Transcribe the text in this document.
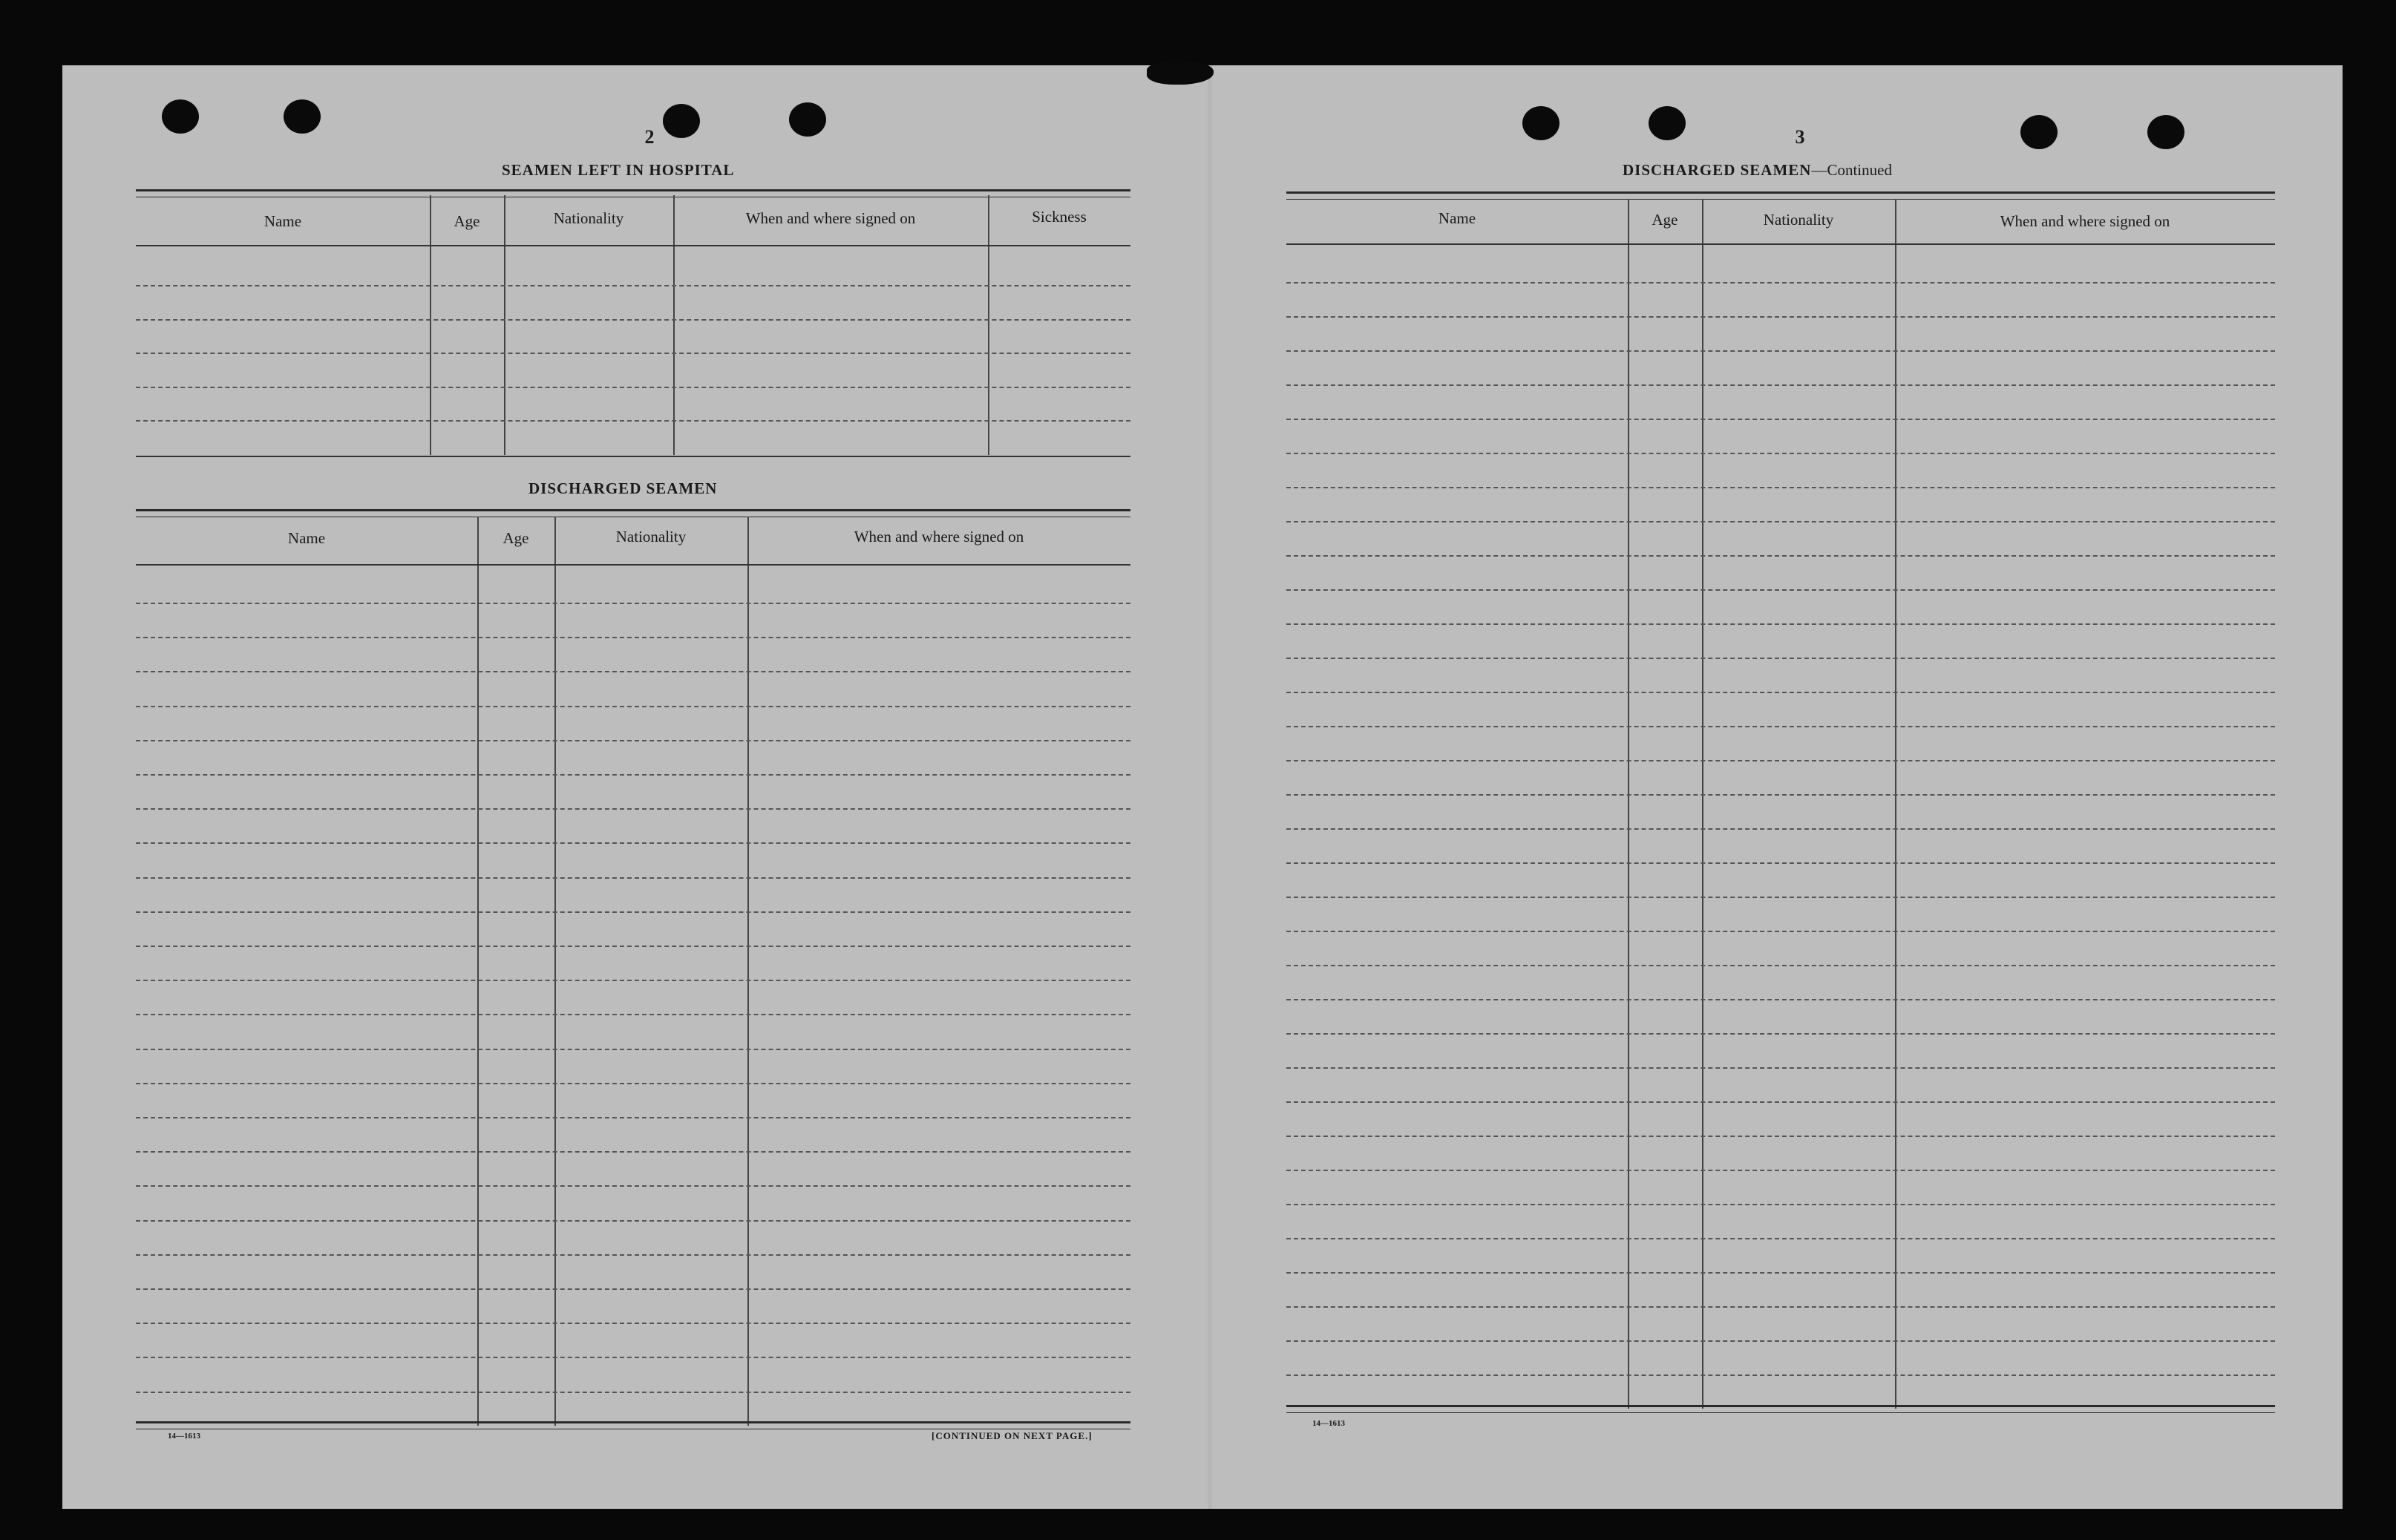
2
SEAMEN LEFT IN HOSPITAL
Name	Age	Nationality	When and where signed on	Sickness
DISCHARGED SEAMEN
Name	Age	Nationality	When and where signed on
14—1613	[CONTINUED ON NEXT PAGE.]
3
DISCHARGED SEAMEN—Continued
Name	Age	Nationality	When and where signed on
14—1613
